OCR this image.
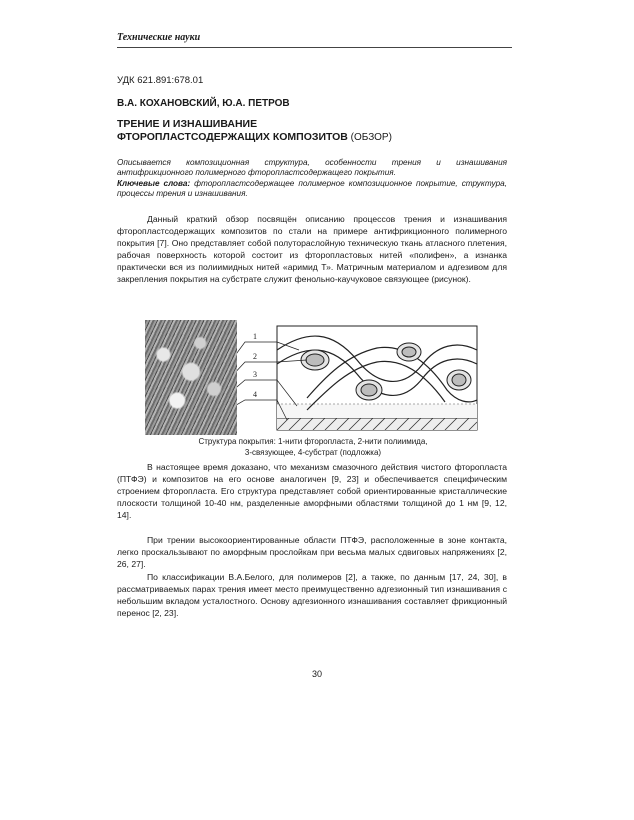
Технические науки
УДК 621.891:678.01
В.А. КОХАНОВСКИЙ, Ю.А. ПЕТРОВ
ТРЕНИЕ И ИЗНАШИВАНИЕ
ФТОРОПЛАСТСОДЕРЖАЩИХ КОМПОЗИТОВ (ОБЗОР)
Описывается композиционная структура, особенности трения и изнашивания антифрикционного полимерного фторопластсодержащего покрытия.
Ключевые слова: фторопластсодержащее полимерное композиционное покрытие, структура, процессы трения и изнашивания.

Данный краткий обзор посвящён описанию процессов трения и изнашивания фторопластсодержащих композитов по стали на примере антифрикционного полимерного покрытия [7]. Оно представляет собой полутораслойную техническую ткань атласного плетения, рабочая поверхность которой состоит из фторопластовых нитей «полифен», а изнанка практически вся из полиимидных нитей «аримид Т». Матричным материалом и адгезивом для закрепления покрытия на субстрате служит фенольно-каучуковое связующее (рисунок).

1
2
3
4
Структура покрытия: 1-нити фторопласта, 2-нити полиимида,
3-связующее, 4-субстрат (подложка)

В настоящее время доказано, что механизм смазочного действия чистого фторопласта (ПТФЭ) и композитов на его основе аналогичен [9, 23] и обеспечивается специфическим строением фторопласта. Его структура представляет собой ориентированные кристаллические плоскости толщиной 10-40 нм, разделенные аморфными областями толщиной до 1 нм [9, 12, 14].

При трении высокоориентированные области ПТФЭ, расположенные в зоне контакта, легко проскальзывают по аморфным прослойкам при весьма малых сдвиговых напряжениях [2, 26, 27].

По классификации В.А.Белого, для полимеров [2], а также, по данным [17, 24, 30], в рассматриваемых парах трения имеет место преимущественно адгезионный тип изнашивания с небольшим вкладом усталостного. Основу адгезионного изнашивания составляет фрикционный перенос [2, 23].

30
